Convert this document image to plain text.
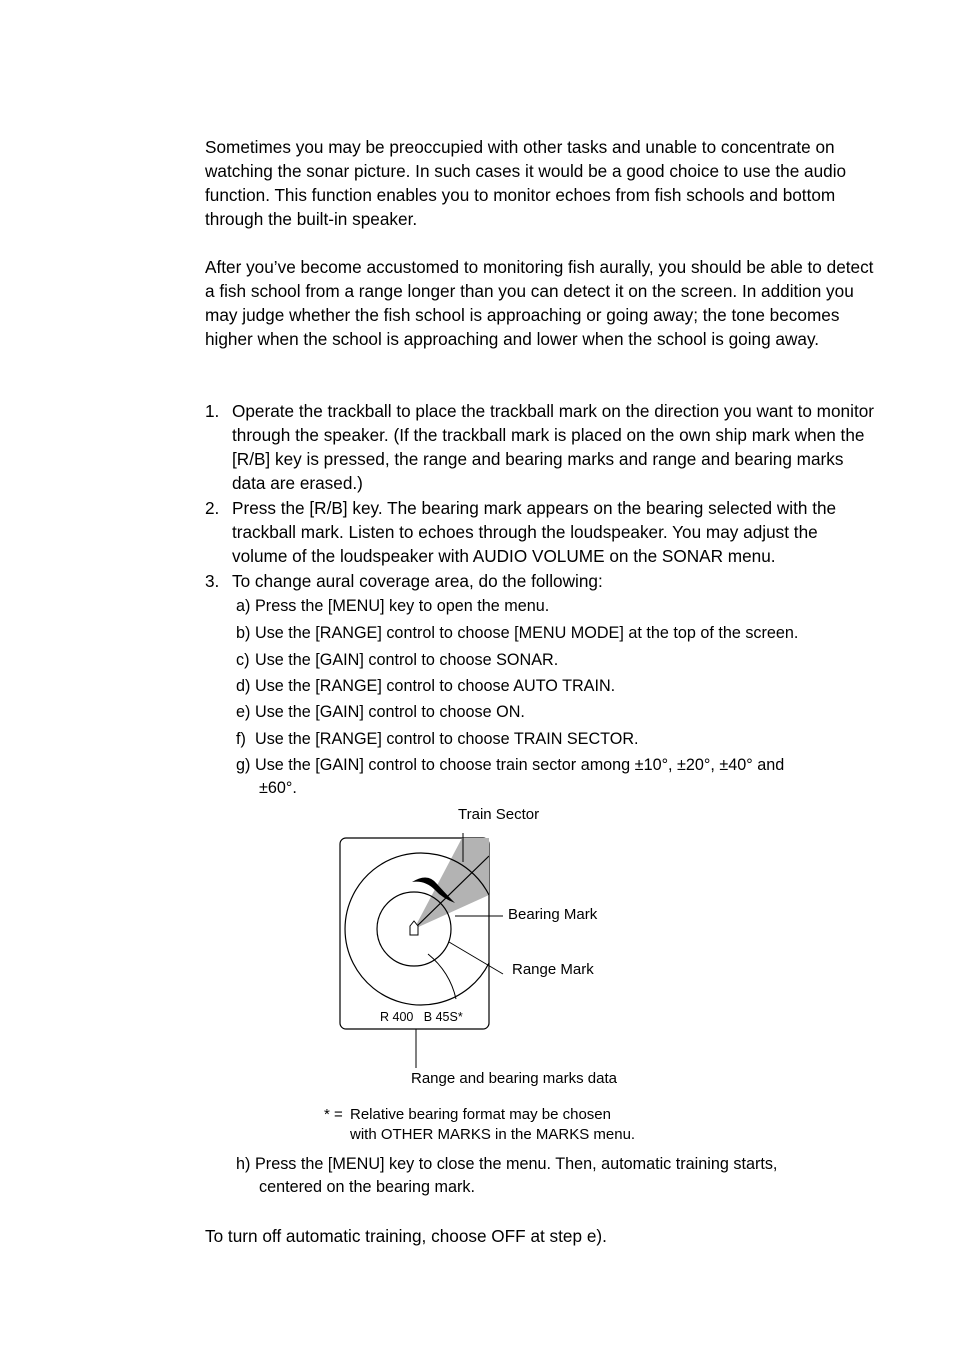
Sometimes you may be preoccupied with other tasks and unable to concentrate on watching the sonar picture. In such cases it would be a good choice to use the audio function. This function enables you to monitor echoes from fish schools and bottom through the built-in speaker.

After you’ve become accustomed to monitoring fish aurally, you should be able to detect a fish school from a range longer than you can detect it on the screen. In addition you may judge whether the fish school is approaching or going away; the tone becomes higher when the school is approaching and lower when the school is going away.

1. Operate the trackball to place the trackball mark on the direction you want to monitor through the speaker. (If the trackball mark is placed on the own ship mark when the [R/B] key is pressed, the range and bearing marks and range and bearing marks data are erased.)
2. Press the [R/B] key. The bearing mark appears on the bearing selected with the trackball mark. Listen to echoes through the loudspeaker. You may adjust the volume of the loudspeaker with AUDIO VOLUME on the SONAR menu.
3. To change aural coverage area, do the following:
a) Press the [MENU] key to open the menu.
b) Use the [RANGE] control to choose [MENU MODE] at the top of the screen.
c) Use the [GAIN] control to choose SONAR.
d) Use the [RANGE] control to choose AUTO TRAIN.
e) Use the [GAIN] control to choose ON.
f) Use the [RANGE] control to choose TRAIN SECTOR.
g) Use the [GAIN] control to choose train sector among ±10°, ±20°, ±40° and
±60°.
Train Sector
Bearing Mark
Range Mark
R 400   B 45S*
Range and bearing marks data
* = Relative bearing format may be chosen
with OTHER MARKS in the MARKS menu.
h) Press the [MENU] key to close the menu. Then, automatic training starts,
centered on the bearing mark.

To turn off automatic training, choose OFF at step e).
